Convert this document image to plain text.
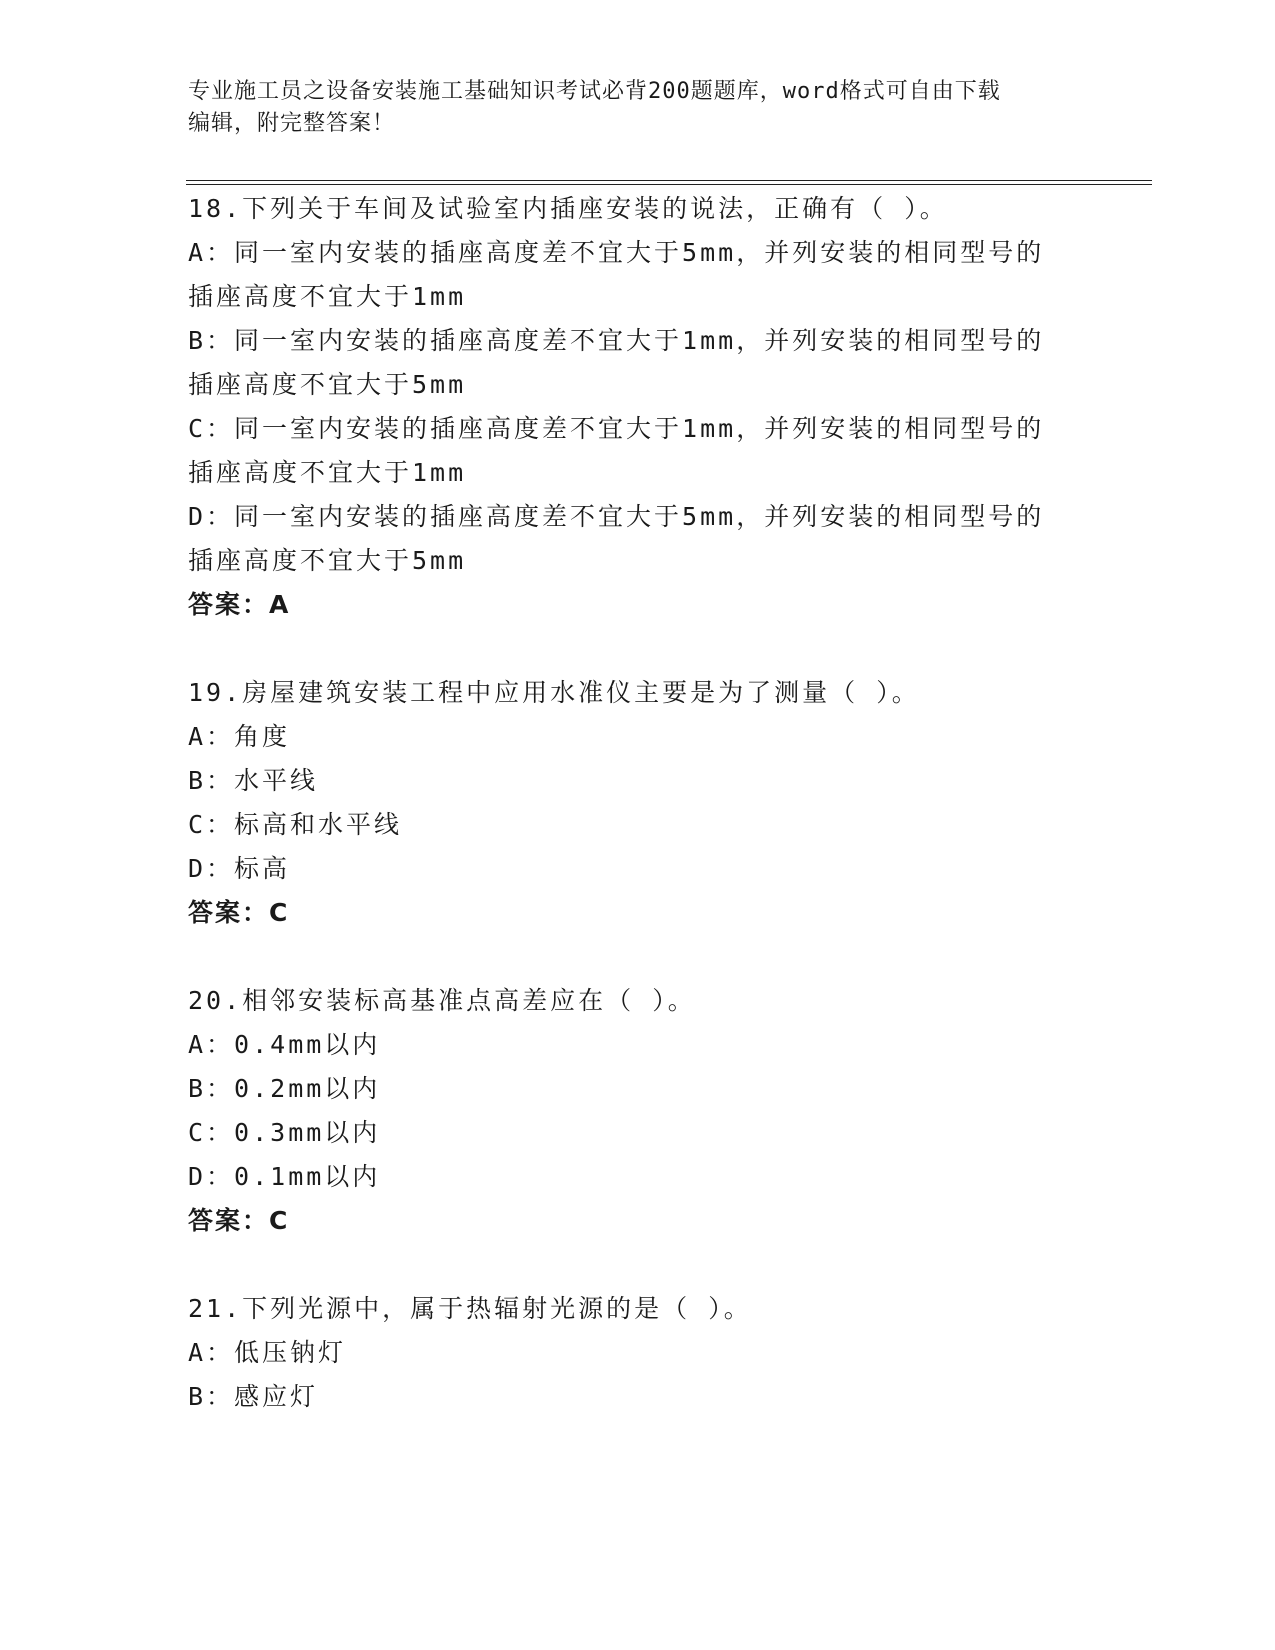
专业施工员之设备安装施工基础知识考试必背200题题库，word格式可自由下载
编辑，附完整答案！
18.下列关于车间及试验室内插座安装的说法，正确有（ ）。
A：同一室内安装的插座高度差不宜大于5mm，并列安装的相同型号的
插座高度不宜大于1mm
B：同一室内安装的插座高度差不宜大于1mm，并列安装的相同型号的
插座高度不宜大于5mm
C：同一室内安装的插座高度差不宜大于1mm，并列安装的相同型号的
插座高度不宜大于1mm
D：同一室内安装的插座高度差不宜大于5mm，并列安装的相同型号的
插座高度不宜大于5mm
答案：A
19.房屋建筑安装工程中应用水准仪主要是为了测量（ ）。
A：角度
B：水平线
C：标高和水平线
D：标高
答案：C
20.相邻安装标高基准点高差应在（ ）。
A：0.4mm以内
B：0.2mm以内
C：0.3mm以内
D：0.1mm以内
答案：C
21.下列光源中，属于热辐射光源的是（ ）。
A：低压钠灯
B：感应灯
